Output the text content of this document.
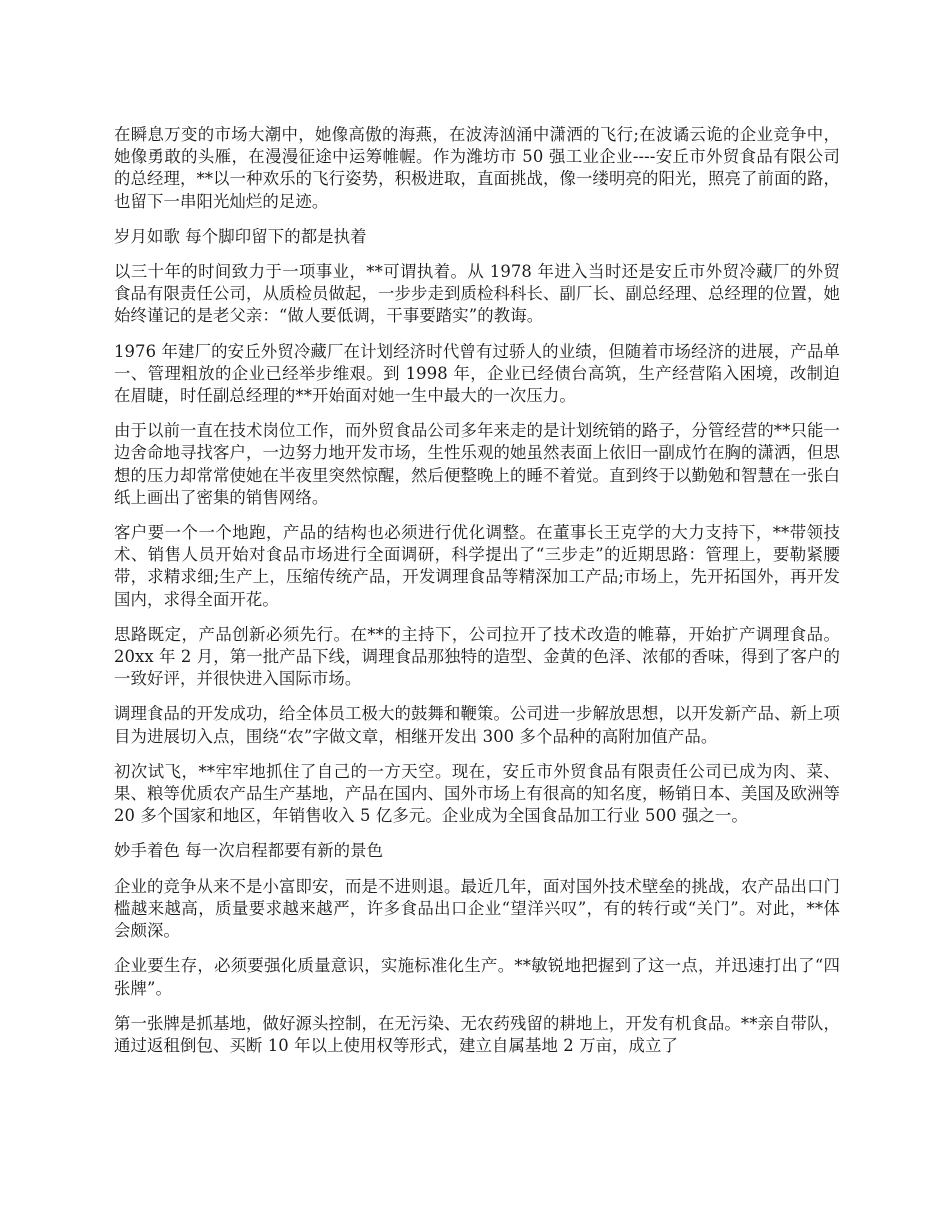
在瞬息万变的市场大潮中，她像高傲的海燕，在波涛汹涌中潇洒的飞行;在波谲云诡的企业竞争中，她像勇敢的头雁，在漫漫征途中运筹帷幄。作为潍坊市 50 强工业企业----安丘市外贸食品有限公司的总经理，**以一种欢乐的飞行姿势，积极进取，直面挑战，像一缕明亮的阳光，照亮了前面的路，也留下一串阳光灿烂的足迹。

岁月如歌 每个脚印留下的都是执着

以三十年的时间致力于一项事业，**可谓执着。从 1978 年进入当时还是安丘市外贸冷藏厂的外贸食品有限责任公司，从质检员做起，一步步走到质检科科长、副厂长、副总经理、总经理的位置，她始终谨记的是老父亲：“做人要低调，干事要踏实”的教诲。

1976 年建厂的安丘外贸冷藏厂在计划经济时代曾有过骄人的业绩，但随着市场经济的进展，产品单一、管理粗放的企业已经举步维艰。到 1998 年，企业已经债台高筑，生产经营陷入困境，改制迫在眉睫，时任副总经理的**开始面对她一生中最大的一次压力。

由于以前一直在技术岗位工作，而外贸食品公司多年来走的是计划统销的路子，分管经营的**只能一边舍命地寻找客户，一边努力地开发市场，生性乐观的她虽然表面上依旧一副成竹在胸的潇洒，但思想的压力却常常使她在半夜里突然惊醒，然后便整晚上的睡不着觉。直到终于以勤勉和智慧在一张白纸上画出了密集的销售网络。

客户要一个一个地跑，产品的结构也必须进行优化调整。在董事长王克学的大力支持下，**带领技术、销售人员开始对食品市场进行全面调研，科学提出了“三步走”的近期思路：管理上，要勒紧腰带，求精求细;生产上，压缩传统产品，开发调理食品等精深加工产品;市场上，先开拓国外，再开发国内，求得全面开花。

思路既定，产品创新必须先行。在**的主持下，公司拉开了技术改造的帷幕，开始扩产调理食品。20xx 年 2 月，第一批产品下线，调理食品那独特的造型、金黄的色泽、浓郁的香味，得到了客户的一致好评，并很快进入国际市场。

调理食品的开发成功，给全体员工极大的鼓舞和鞭策。公司进一步解放思想，以开发新产品、新上项目为进展切入点，围绕“农”字做文章，相继开发出 300 多个品种的高附加值产品。

初次试飞，**牢牢地抓住了自己的一方天空。现在，安丘市外贸食品有限责任公司已成为肉、菜、果、粮等优质农产品生产基地，产品在国内、国外市场上有很高的知名度，畅销日本、美国及欧洲等 20 多个国家和地区，年销售收入 5 亿多元。企业成为全国食品加工行业 500 强之一。

妙手着色 每一次启程都要有新的景色

企业的竞争从来不是小富即安，而是不进则退。最近几年，面对国外技术壁垒的挑战，农产品出口门槛越来越高，质量要求越来越严，许多食品出口企业“望洋兴叹”，有的转行或“关门”。对此，**体会颇深。

企业要生存，必须要强化质量意识，实施标准化生产。**敏锐地把握到了这一点，并迅速打出了“四张牌”。

第一张牌是抓基地，做好源头控制，在无污染、无农药残留的耕地上，开发有机食品。**亲自带队，通过返租倒包、买断 10 年以上使用权等形式，建立自属基地 2 万亩，成立了
